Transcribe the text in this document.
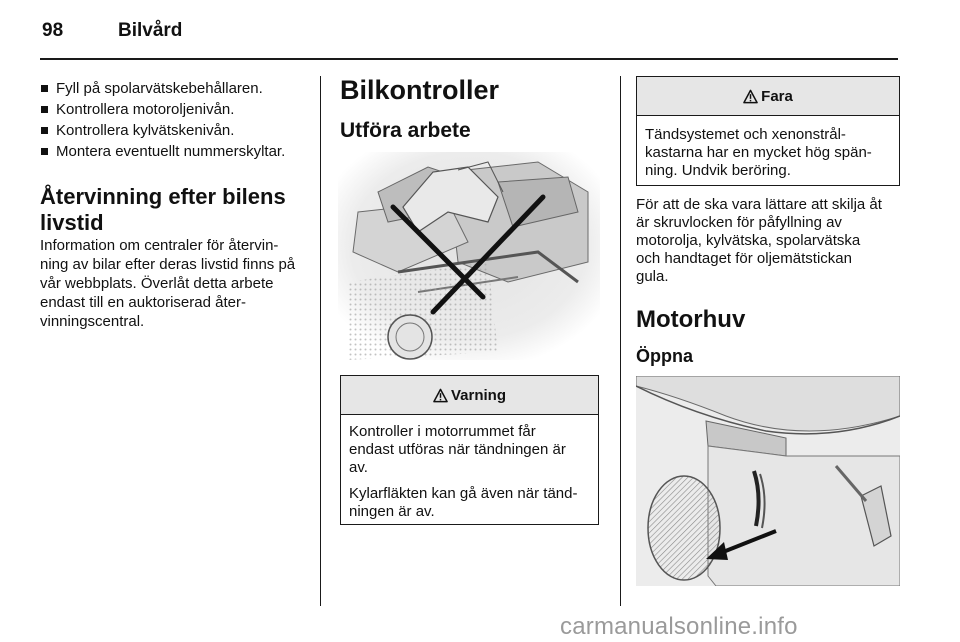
98	Bilvård
Fyll på spolarvätskebehållaren.
Kontrollera motoroljenivån.
Kontrollera kylvätskenivån.
Montera eventuellt nummerskyltar.
Återvinning efter bilens
livstid
Information om centraler för återvin-
ning av bilar efter deras livstid finns på
vår webbplats. Överlåt detta arbete
endast till en auktoriserad åter-
vinningscentral.
Bilkontroller
Utföra arbete
Varning
Kontroller i motorrummet får
endast utföras när tändningen är
av.
Kylarfläkten kan gå även när tänd-
ningen är av.
Fara
Tändsystemet och xenonstrål-
kastarna har en mycket hög spän-
ning. Undvik beröring.
För att de ska vara lättare att skilja åt
är skruvlocken för påfyllning av
motorolja, kylvätska, spolarvätska
och handtaget för oljemätstickan
gula.
Motorhuv
Öppna
carmanualsonline.info
